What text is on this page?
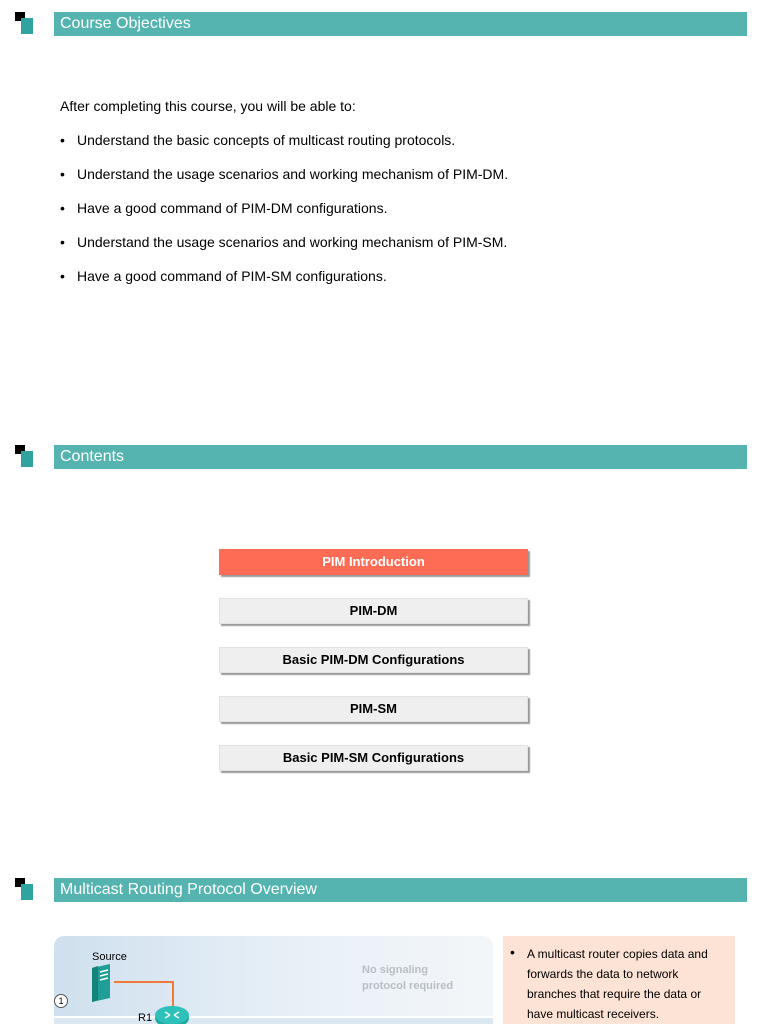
Course Objectives
After completing this course, you will be able to:
• Understand the basic concepts of multicast routing protocols.
• Understand the usage scenarios and working mechanism of PIM-DM.
• Have a good command of PIM-DM configurations.
• Understand the usage scenarios and working mechanism of PIM-SM.
• Have a good command of PIM-SM configurations.
Contents
PIM Introduction
PIM-DM
Basic PIM-DM Configurations
PIM-SM
Basic PIM-SM Configurations
Multicast Routing Protocol Overview
Source
No signaling protocol required
1
R1

• A multicast router copies data and forwards the data to network branches that require the data or have multicast receivers.
